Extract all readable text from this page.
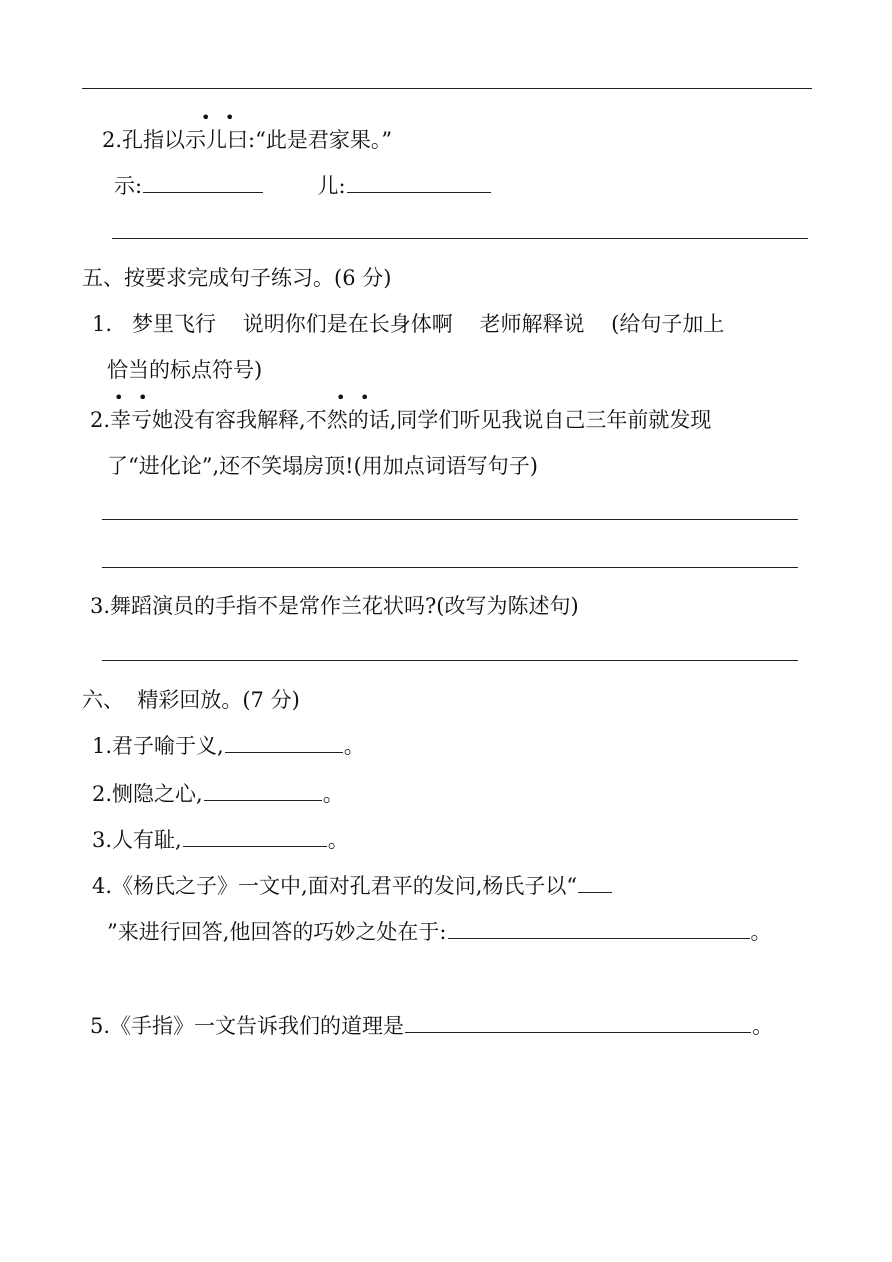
2.孔指以示儿曰:“此是君家果。”
• •
示:	儿:
五、按要求完成句子练习。(6 分)
1.   梦里飞行    说明你们是在长身体啊    老师解释说    (给句子加上
恰当的标点符号)
• •	• •
2.幸亏她没有容我解释,不然的话,同学们听见我说自己三年前就发现
了“进化论”,还不笑塌房顶!(用加点词语写句子)
3.舞蹈演员的手指不是常作兰花状吗?(改写为陈述句)
六、  精彩回放。(7 分)
1.君子喻于义,	。
2.恻隐之心,	。
3.人有耻,	。
4.《杨氏之子》一文中,面对孔君平的发问,杨氏子以“
”来进行回答,他回答的巧妙之处在于:	。
5.《手指》一文告诉我们的道理是	。
